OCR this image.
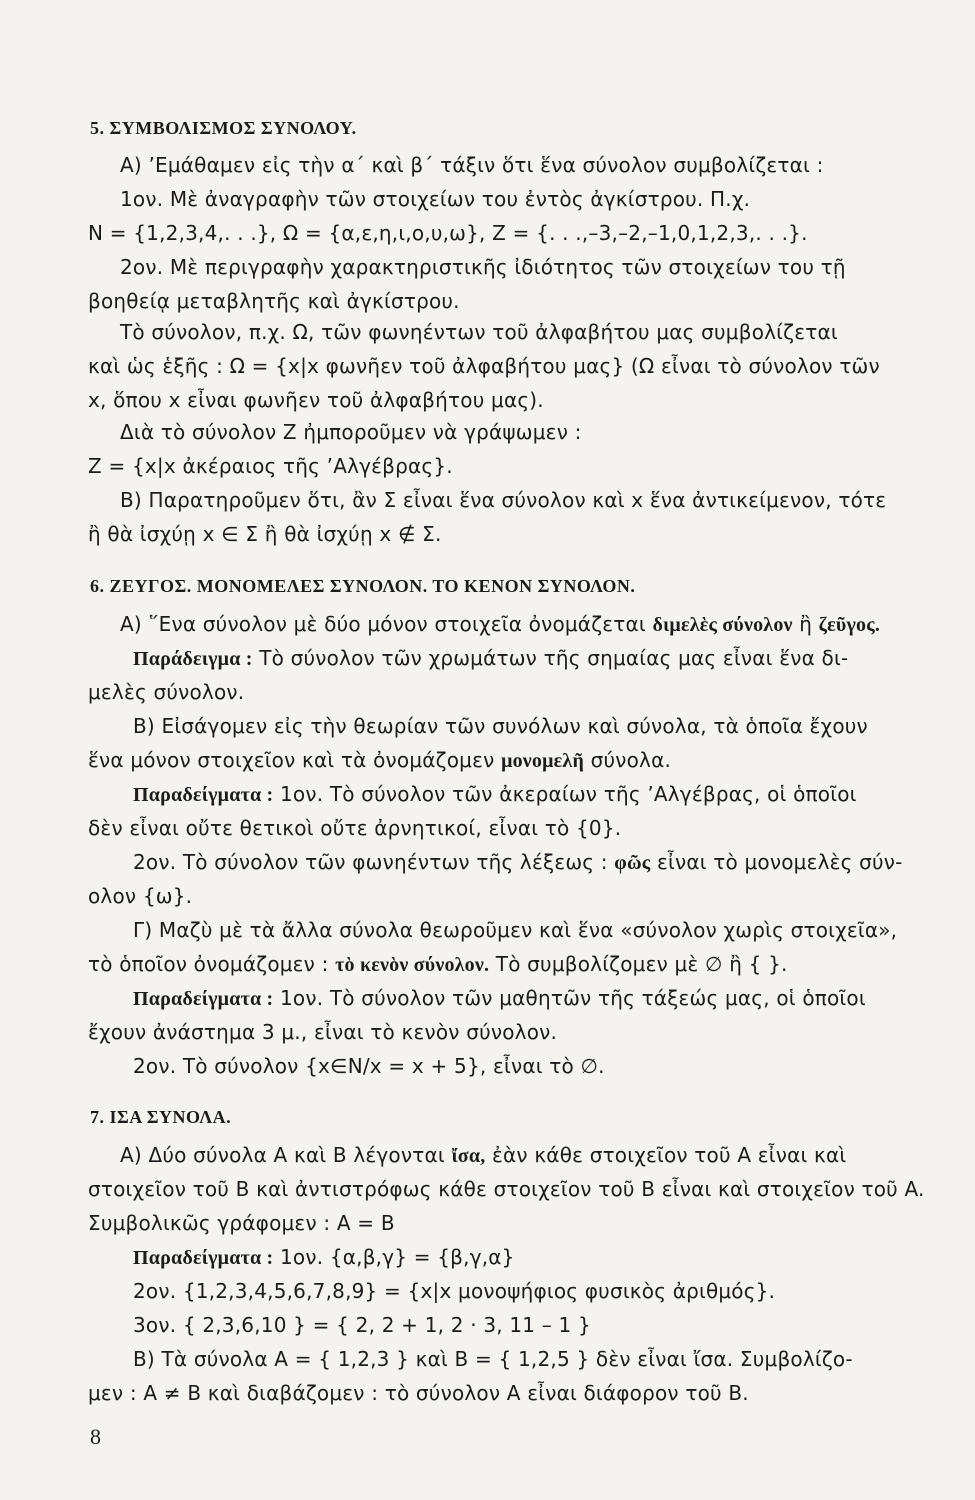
5. ΣΥΜΒΟΛΙΣΜΟΣ ΣΥΝΟΛΟΥ.
Α) ’Εμάθαμεν εἰς τὴν α΄ καὶ β΄ τάξιν ὅτι ἕνα σύνολον συμβολίζεται :
1ον. Μὲ ἀναγραφὴν τῶν στοιχείων του ἐντὸς ἀγκίστρου. Π.χ.
N = {1,2,3,4,. . .}, Ω = {α,ε,η,ι,ο,υ,ω}, Z = {. . .,–3,–2,–1,0,1,2,3,. . .}.
2ον. Μὲ περιγραφὴν χαρακτηριστικῆς ἰδιότητος τῶν στοιχείων του τῇ
βοηθείᾳ μεταβλητῆς καὶ ἀγκίστρου.
Τὸ σύνολον, π.χ. Ω, τῶν φωνηέντων τοῦ ἀλφαβήτου μας συμβολίζεται
καὶ ὡς ἑξῆς : Ω = {x|x φωνῆεν τοῦ ἀλφαβήτου μας} (Ω εἶναι τὸ σύνολον τῶν
x, ὅπου x εἶναι φωνῆεν τοῦ ἀλφαβήτου μας).
Διὰ τὸ σύνολον Z ἠμποροῦμεν νὰ γράψωμεν :
Z = {x|x ἀκέραιος τῆς ’Αλγέβρας}.
Β) Παρατηροῦμεν ὅτι, ἂν Σ εἶναι ἕνα σύνολον καὶ x ἕνα ἀντικείμενον, τότε
ἢ θὰ ἰσχύῃ x ∈ Σ ἢ θὰ ἰσχύῃ x ∉ Σ.
6. ΖΕΥΓΟΣ. ΜΟΝΟΜΕΛΕΣ ΣΥΝΟΛΟΝ. ΤΟ ΚΕΝΟΝ ΣΥΝΟΛΟΝ.
Α) ῞Ενα σύνολον μὲ δύο μόνον στοιχεῖα ὀνομάζεται διμελὲς σύνολον ἢ ζεῦγος.
Παράδειγμα : Τὸ σύνολον τῶν χρωμάτων τῆς σημαίας μας εἶναι ἕνα δι-
μελὲς σύνολον.
Β) Εἰσάγομεν εἰς τὴν θεωρίαν τῶν συνόλων καὶ σύνολα, τὰ ὁποῖα ἔχουν
ἕνα μόνον στοιχεῖον καὶ τὰ ὀνομάζομεν μονομελῆ σύνολα.
Παραδείγματα : 1ον. Τὸ σύνολον τῶν ἀκεραίων τῆς ’Αλγέβρας, οἱ ὁποῖοι
δὲν εἶναι οὔτε θετικοὶ οὔτε ἀρνητικοί, εἶναι τὸ {0}.
2ον. Τὸ σύνολον τῶν φωνηέντων τῆς λέξεως : φῶς εἶναι τὸ μονομελὲς σύν-
ολον {ω}.
Γ) Μαζὺ μὲ τὰ ἄλλα σύνολα θεωροῦμεν καὶ ἕνα «σύνολον χωρὶς στοιχεῖα»,
τὸ ὁποῖον ὀνομάζομεν : τὸ κενὸν σύνολον. Τὸ συμβολίζομεν μὲ ∅ ἢ { }.
Παραδείγματα : 1ον. Τὸ σύνολον τῶν μαθητῶν τῆς τάξεώς μας, οἱ ὁποῖοι
ἔχουν ἀνάστημα 3 μ., εἶναι τὸ κενὸν σύνολον.
2ον. Τὸ σύνολον {x∈N/x = x + 5}, εἶναι τὸ ∅.
7. ΙΣΑ ΣΥΝΟΛΑ.
Α) Δύο σύνολα A καὶ B λέγονται ἴσα, ἐὰν κάθε στοιχεῖον τοῦ A εἶναι καὶ
στοιχεῖον τοῦ B καὶ ἀντιστρόφως κάθε στοιχεῖον τοῦ B εἶναι καὶ στοιχεῖον τοῦ A.
Συμβολικῶς γράφομεν : A = B
Παραδείγματα : 1ον. {α,β,γ} = {β,γ,α}
2ον. {1,2,3,4,5,6,7,8,9} = {x|x μονοψήφιος φυσικὸς ἀριθμός}.
3ον. { 2,3,6,10 } = { 2, 2 + 1, 2 · 3, 11 – 1 }
Β) Τὰ σύνολα A = { 1,2,3 } καὶ B = { 1,2,5 } δὲν εἶναι ἴσα. Συμβολίζο-
μεν : A ≠ B καὶ διαβάζομεν : τὸ σύνολον A εἶναι διάφορον τοῦ B.
8
